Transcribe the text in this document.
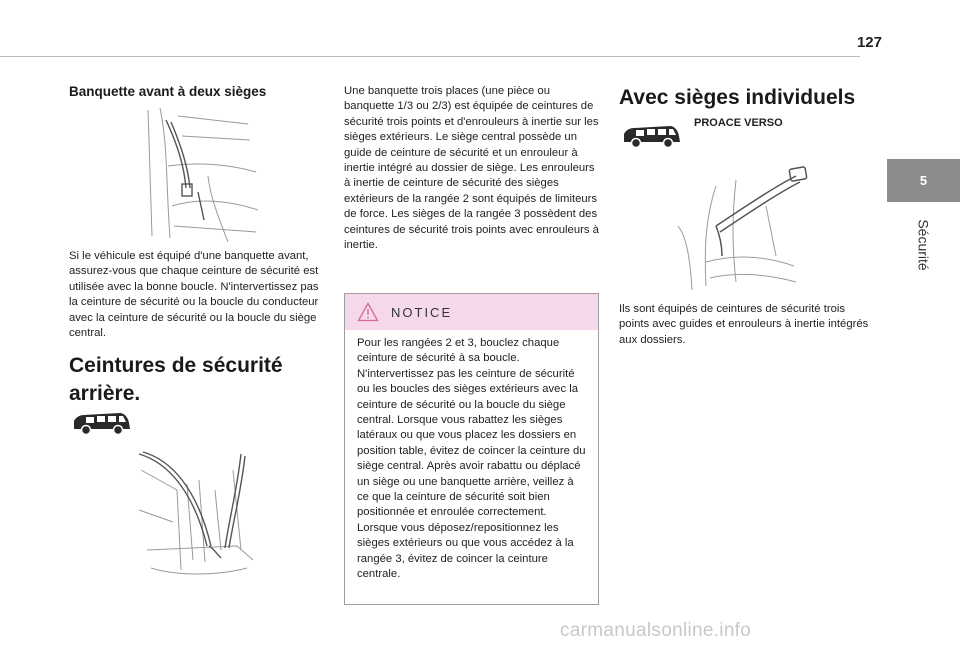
127
5
Sécurité
Banquette avant à deux sièges

Si le véhicule est équipé d'une banquette avant, assurez-vous que chaque ceinture de sécurité est utilisée avec la bonne boucle. N'intervertissez pas la ceinture de sécurité ou la boucle du conducteur avec la ceinture de sécurité ou la boucle du siège central.

Ceintures de sécurité
arrière.

Une banquette trois places (une pièce ou banquette 1/3 ou 2/3) est équipée de ceintures de sécurité trois points et d'enrouleurs à inertie sur les sièges extérieurs. Le siège central possède un guide de ceinture de sécurité et un enrouleur à inertie intégré au dossier de siège. Les enrouleurs à inertie de ceinture de sécurité des sièges extérieurs de la rangée 2 sont équipés de limiteurs de force. Les sièges de la rangée 3 possèdent des ceintures de sécurité trois points avec enrouleurs à inertie.

NOTICE

Pour les rangées 2 et 3, bouclez chaque ceinture de sécurité à sa boucle. N'intervertissez pas les ceinture de sécurité ou les boucles des sièges extérieurs avec la ceinture de sécurité ou la boucle du siège central. Lorsque vous rabattez les sièges latéraux ou que vous placez les dossiers en position table, évitez de coincer la ceinture du siège central. Après avoir rabattu ou déplacé un siège ou une banquette arrière, veillez à ce que la ceinture de sécurité soit bien positionnée et enroulée correctement. Lorsque vous déposez/repositionnez les sièges extérieurs ou que vous accédez à la rangée 3, évitez de coincer la ceinture centrale.

Avec sièges individuels
PROACE VERSO

Ils sont équipés de ceintures de sécurité trois points avec guides et enrouleurs à inertie intégrés aux dossiers.

carmanualsonline.info
